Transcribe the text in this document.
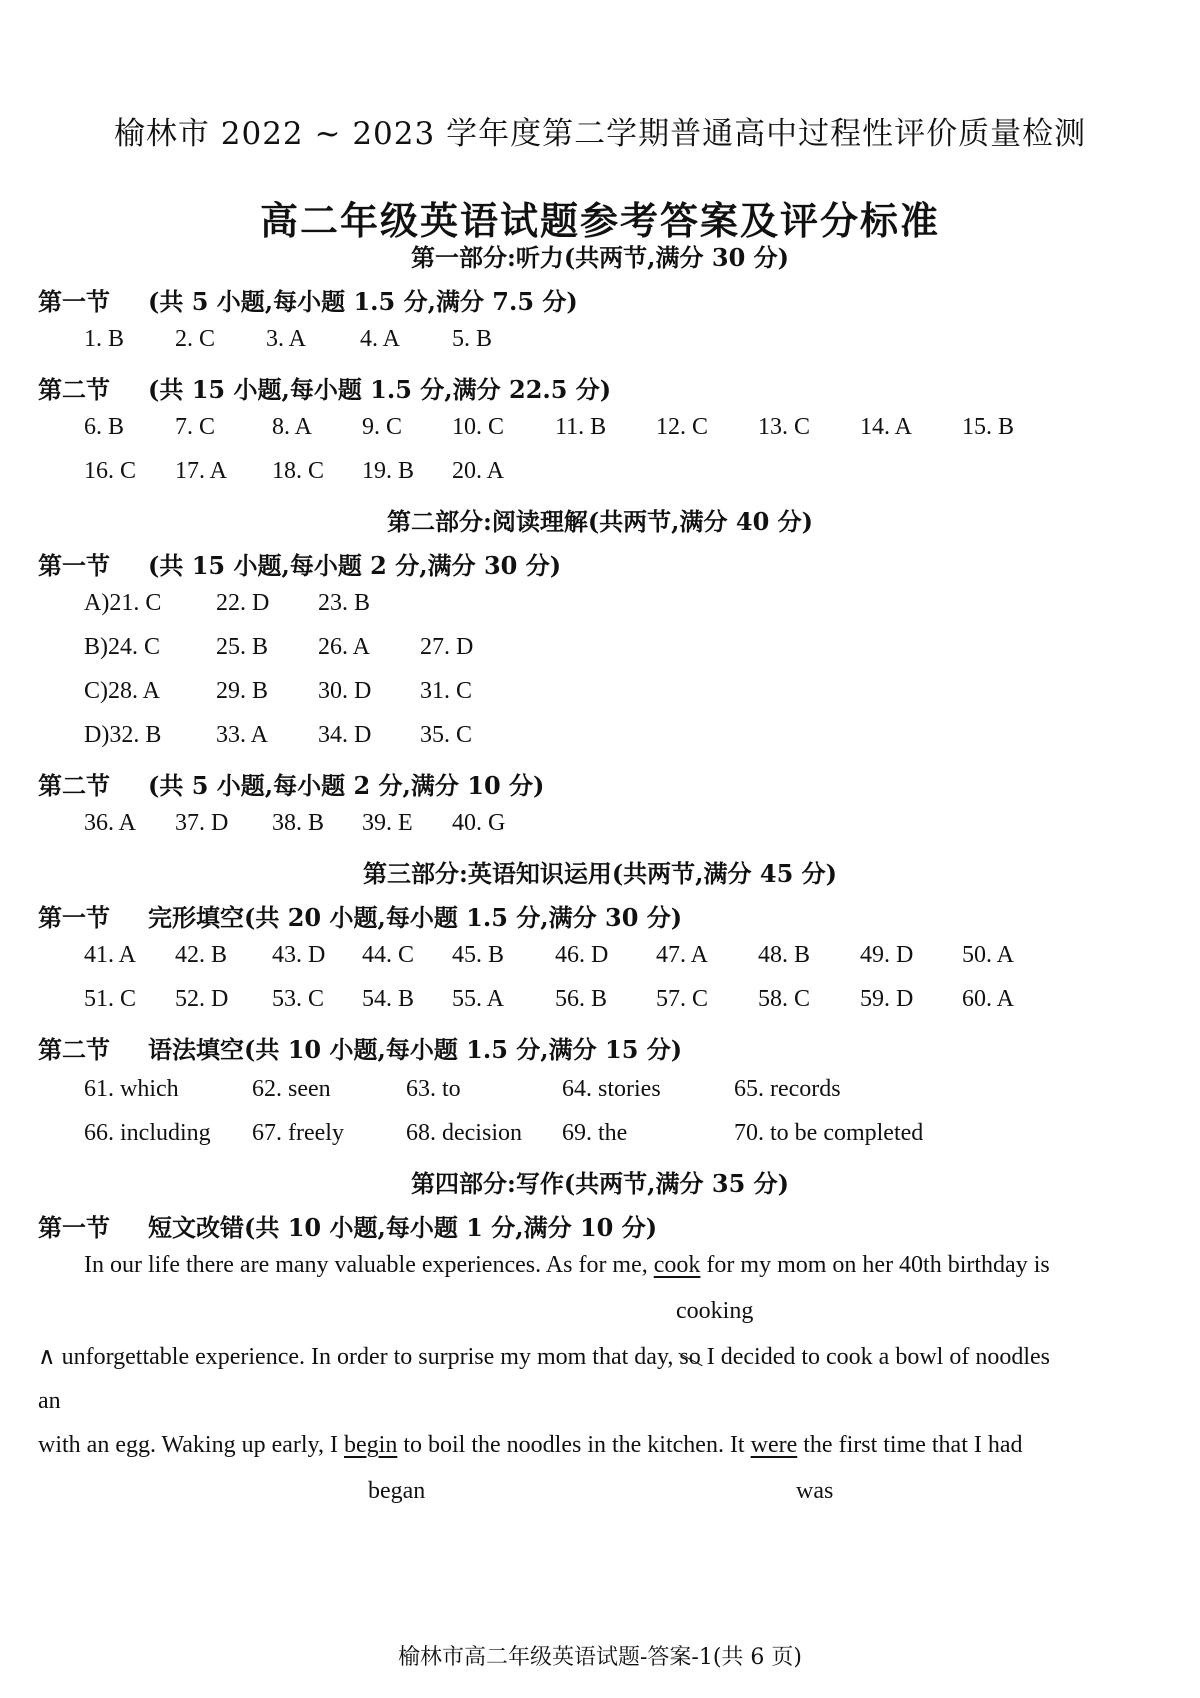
榆林市 2022 ~ 2023 学年度第二学期普通高中过程性评价质量检测
高二年级英语试题参考答案及评分标准
第一部分:听力(共两节,满分 30 分)
第一节 (共 5 小题,每小题 1.5 分,满分 7.5 分)
1. B 2. C 3. A 4. A 5. B
第二节 (共 15 小题,每小题 1.5 分,满分 22.5 分)
6. B 7. C 8. A 9. C 10. C 11. B 12. C 13. C 14. A 15. B
16. C 17. A 18. C 19. B 20. A
第二部分:阅读理解(共两节,满分 40 分)
第一节 (共 15 小题,每小题 2 分,满分 30 分)
A)21. C 22. D 23. B
B)24. C 25. B 26. A 27. D
C)28. A 29. B 30. D 31. C
D)32. B 33. A 34. D 35. C
第二节 (共 5 小题,每小题 2 分,满分 10 分)
36. A 37. D 38. B 39. E 40. G
第三部分:英语知识运用(共两节,满分 45 分)
第一节 完形填空(共 20 小题,每小题 1.5 分,满分 30 分)
41. A 42. B 43. D 44. C 45. B 46. D 47. A 48. B 49. D 50. A
51. C 52. D 53. C 54. B 55. A 56. B 57. C 58. C 59. D 60. A
第二节 语法填空(共 10 小题,每小题 1.5 分,满分 15 分)
61. which	62. seen	63. to	64. stories	65. records
66. including 67. freely	68. decision 69. the	70. to be completed
第四部分:写作(共两节,满分 35 分)
第一节 短文改错(共 10 小题,每小题 1 分,满分 10 分)
In our life there are many valuable experiences. As for me, cook for my mom on her 40th birthday is
cooking
∧ unforgettable experience. In order to surprise my mom that day, so I decided to cook a bowl of noodles
an
with an egg. Waking up early, I begin to boil the noodles in the kitchen. It were the first time that I had
began	was
榆林市高二年级英语试题-答案-1(共 6 页)
